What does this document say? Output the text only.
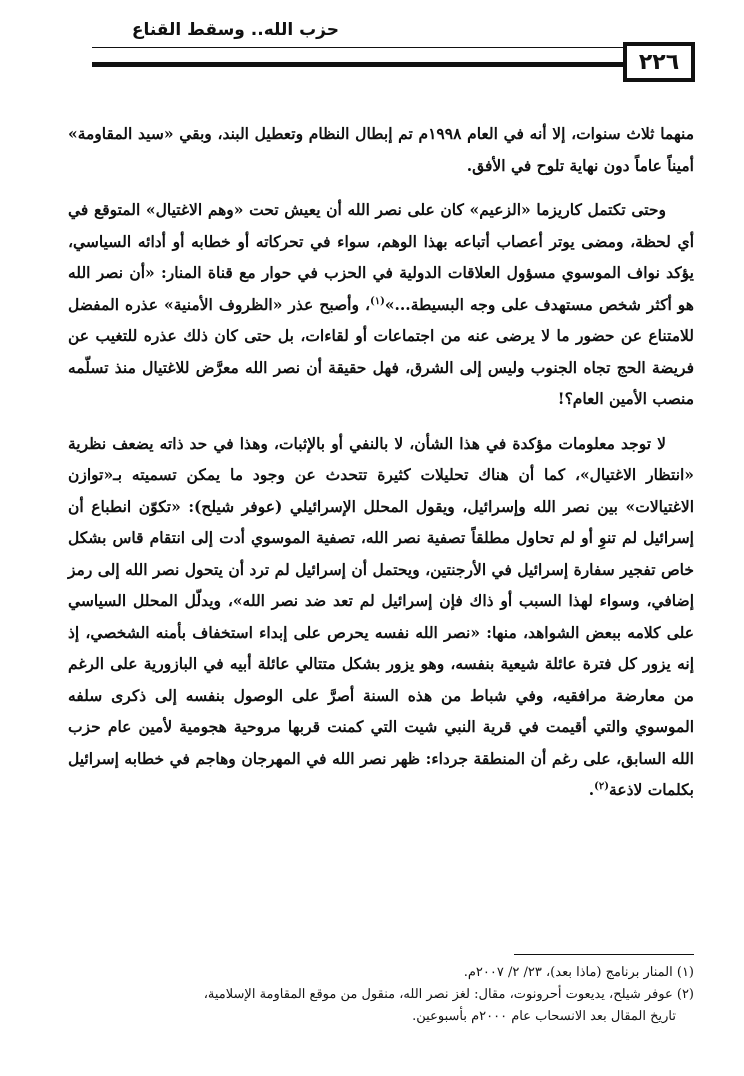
حزب الله.. وسقط القناع
٢٢٦

منهما ثلاث سنوات، إلا أنه في العام ١٩٩٨م تم إبطال النظام وتعطيل البند، وبقي «سيد المقاومة» أميناً عاماً دون نهاية تلوح في الأفق.

وحتى تكتمل كاريزما «الزعيم» كان على نصر الله أن يعيش تحت «وهم الاغتيال» المتوقع في أي لحظة، ومضى يوتر أعصاب أتباعه بهذا الوهم، سواء في تحركاته أو خطابه أو أدائه السياسي، يؤكد نواف الموسوي مسؤول العلاقات الدولية في الحزب في حوار مع قناة المنار: «أن نصر الله هو أكثر شخص مستهدف على وجه البسيطة...»$^{(١)}$، وأصبح عذر «الظروف الأمنية» عذره المفضل للامتناع عن حضور ما لا يرضى عنه من اجتماعات أو لقاءات، بل حتى كان ذلك عذره للتغيب عن فريضة الحج تجاه الجنوب وليس إلى الشرق، فهل حقيقة أن نصر الله معرَّض للاغتيال منذ تسلّمه منصب الأمين العام؟!

لا توجد معلومات مؤكدة في هذا الشأن، لا بالنفي أو بالإثبات، وهذا في حد ذاته يضعف نظرية «انتظار الاغتيال»، كما أن هناك تحليلات كثيرة تتحدث عن وجود ما يمكن تسميته بـ«توازن الاغتيالات» بين نصر الله وإسرائيل، ويقول المحلل الإسرائيلي (عوفر شيلح): «تكوّن انطباع أن إسرائيل لم تنوِ أو لم تحاول مطلقاً تصفية نصر الله، تصفية الموسوي أدت إلى انتقام قاس بشكل خاص تفجير سفارة إسرائيل في الأرجنتين، ويحتمل أن إسرائيل لم ترد أن يتحول نصر الله إلى رمز إضافي، وسواء لهذا السبب أو ذاك فإن إسرائيل لم تعد ضد نصر الله»، ويدلّل المحلل السياسي على كلامه ببعض الشواهد، منها: «نصر الله نفسه يحرص على إبداء استخفاف بأمنه الشخصي، إذ إنه يزور كل فترة عائلة شيعية بنفسه، وهو يزور بشكل متتالي عائلة أبيه في البازورية على الرغم من معارضة مرافقيه، وفي شباط من هذه السنة أصرَّ على الوصول بنفسه إلى ذكرى سلفه الموسوي والتي أقيمت في قرية النبي شيت التي كمنت قربها مروحية هجومية لأمين عام حزب الله السابق، على رغم أن المنطقة جرداء: ظهر نصر الله في المهرجان وهاجم في خطابه إسرائيل بكلمات لاذعة$^{(٢)}$.

(١) المنار برنامج (ماذا بعد)، ٢٣/ ٢/ ٢٠٠٧م.
(٢) عوفر شيلح، يديعوت أحرونوت، مقال: لغز نصر الله، منقول من موقع المقاومة الإسلامية،
تاريخ المقال بعد الانسحاب عام ٢٠٠٠م بأسبوعين.
